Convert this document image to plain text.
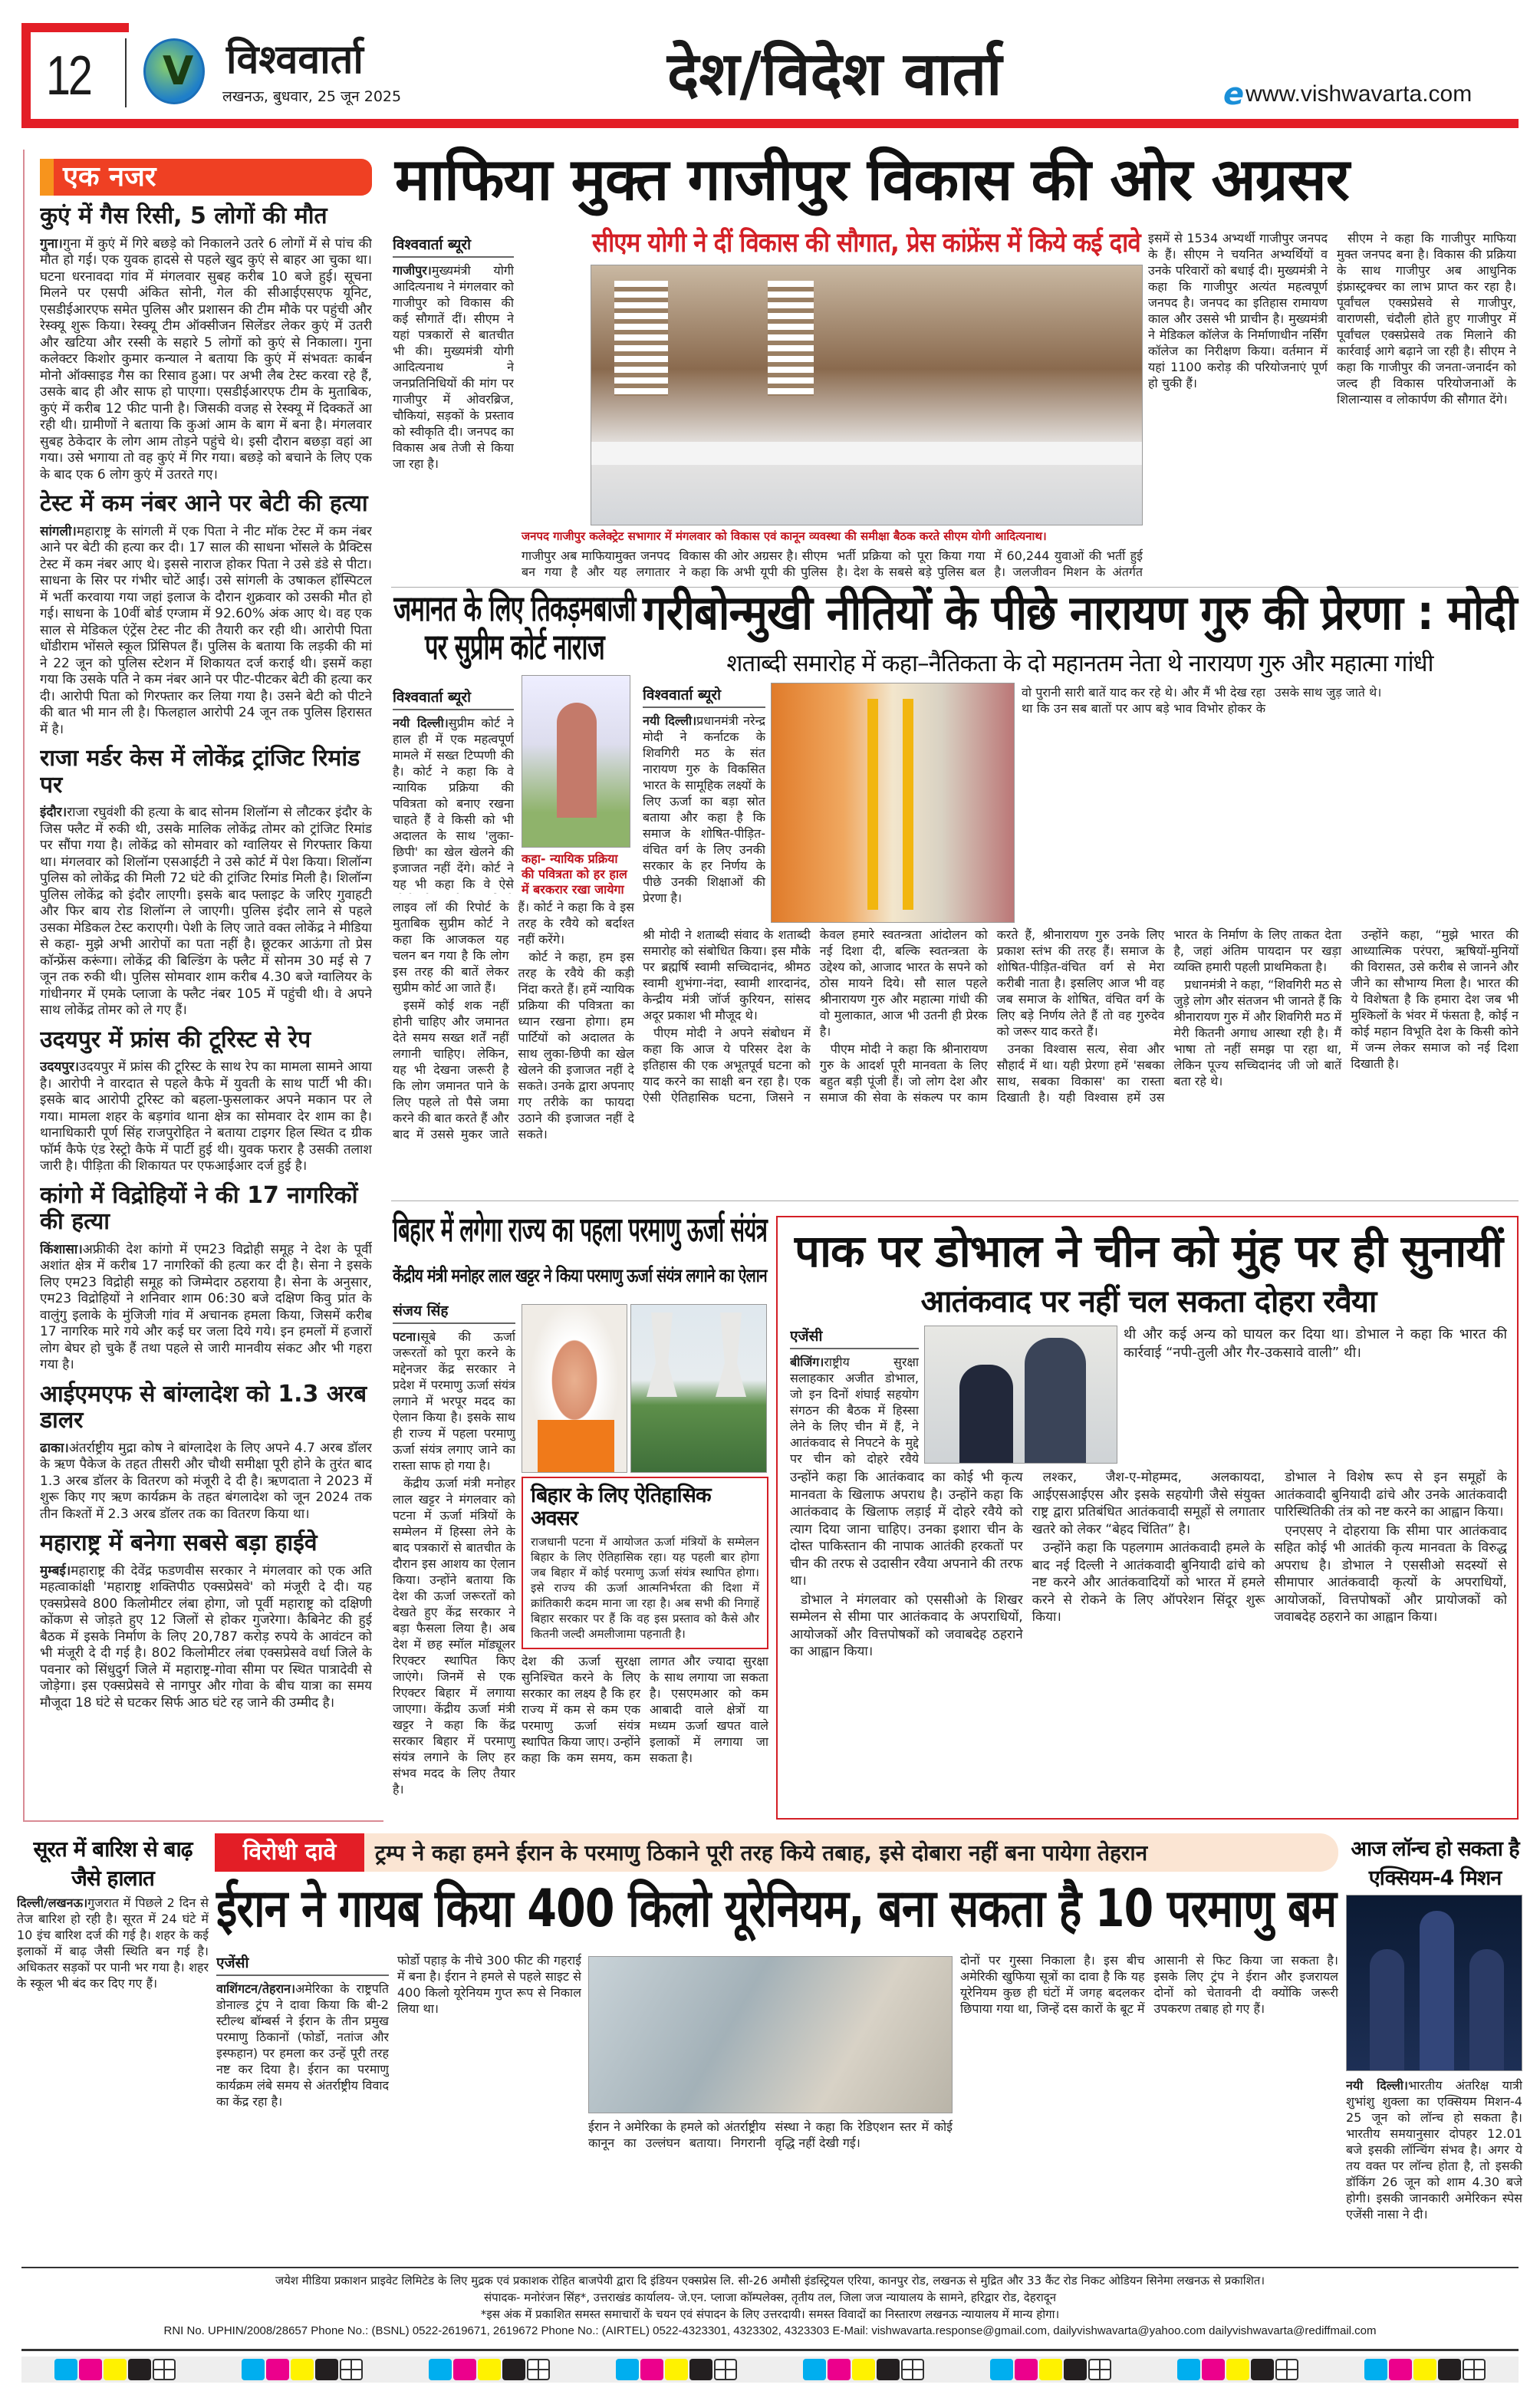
12 V विश्ववार्ता
लखनऊ, बुधवार, 25 जून 2025	देश/विदेश वार्ता	e www.vishwavarta.com
एक नजर
कुएं में गैस रिसी, 5 लोगों की मौत

गुना।गुना में कुएं में गिरे बछड़े को निकालने उतरे 6 लोगों में से पांच की मौत हो गई। एक युवक हादसे से पहले खुद कुएं से बाहर आ चुका था। घटना धरनावदा गांव में मंगलवार सुबह करीब 10 बजे हुई। सूचना मिलने पर एसपी अंकित सोनी, गेल की सीआईएसएफ यूनिट, एसडीईआरएफ समेत पुलिस और प्रशासन की टीम मौके पर पहुंची और रेस्क्यू शुरू किया। रेस्क्यू टीम ऑक्सीजन सिलेंडर लेकर कुएं में उतरी और खटिया और रस्सी के सहारे 5 लोगों को कुएं से निकाला। गुना कलेक्टर किशोर कुमार कन्याल ने बताया कि कुएं में संभवतः कार्बन मोनो ऑक्साइड गैस का रिसाव हुआ। पर अभी लैब टेस्ट करवा रहे हैं, उसके बाद ही और साफ हो पाएगा। एसडीईआरएफ टीम के मुताबिक, कुएं में करीब 12 फीट पानी है। जिसकी वजह से रेस्क्यू में दिक्कतें आ रही थी। ग्रामीणों ने बताया कि कुआं आम के बाग में बना है। मंगलवार सुबह ठेकेदार के लोग आम तोड़ने पहुंचे थे। इसी दौरान बछड़ा वहां आ गया। उसे भगाया तो वह कुएं में गिर गया। बछड़े को बचाने के लिए एक के बाद एक 6 लोग कुएं में उतरते गए।

टेस्ट में कम नंबर आने पर बेटी की हत्या

सांगली।महाराष्ट्र के सांगली में एक पिता ने नीट मॉक टेस्ट में कम नंबर आने पर बेटी की हत्या कर दी। 17 साल की साधना भोंसले के प्रैक्टिस टेस्ट में कम नंबर आए थे। इससे नाराज होकर पिता ने उसे डंडे से पीटा। साधना के सिर पर गंभीर चोटें आईं। उसे सांगली के उषाकल हॉस्पिटल में भर्ती करवाया गया जहां इलाज के दौरान शुक्रवार को उसकी मौत हो गई। साधना के 10वीं बोर्ड एग्जाम में 92.60% अंक आए थे। वह एक साल से मेडिकल एंट्रेंस टेस्ट नीट की तैयारी कर रही थी। आरोपी पिता धोंडीराम भोंसले स्कूल प्रिंसिपल हैं। पुलिस के बताया कि लड़की की मां ने 22 जून को पुलिस स्टेशन में शिकायत दर्ज कराई थी। इसमें कहा गया कि उसके पति ने कम नंबर आने पर पीट-पीटकर बेटी की हत्या कर दी। आरोपी पिता को गिरफ्तार कर लिया गया है। उसने बेटी को पीटने की बात भी मान ली है। फिलहाल आरोपी 24 जून तक पुलिस हिरासत में है।

राजा मर्डर केस में लोकेंद्र ट्रांजिट रिमांड पर

इंदौर।राजा रघुवंशी की हत्या के बाद सोनम शिलॉन्ग से लौटकर इंदौर के जिस फ्लैट में रुकी थी, उसके मालिक लोकेंद्र तोमर को ट्रांजिट रिमांड पर सौंपा गया है। लोकेंद्र को सोमवार को ग्वालियर से गिरफ्तार किया था। मंगलवार को शिलॉन्ग एसआईटी ने उसे कोर्ट में पेश किया। शिलॉन्ग पुलिस को लोकेंद्र की मिली 72 घंटे की ट्रांजिट रिमांड मिली है। शिलॉन्ग पुलिस लोकेंद्र को इंदौर लाएगी। इसके बाद फ्लाइट के जरिए गुवाहटी और फिर बाय रोड शिलॉन्ग ले जाएगी। पुलिस इंदौर लाने से पहले उसका मेडिकल टेस्ट कराएगी। पेशी के लिए जाते वक्त लोकेंद्र ने मीडिया से कहा- मुझे अभी आरोपों का पता नहीं है। छूटकर आऊंगा तो प्रेस कॉन्फ्रेंस करूंगा। लोकेंद्र की बिल्डिंग के फ्लैट में सोनम 30 मई से 7 जून तक रुकी थी। पुलिस सोमवार शाम करीब 4.30 बजे ग्वालियर के गांधीनगर में एमके प्लाजा के फ्लैट नंबर 105 में पहुंची थी। वे अपने साथ लोकेंद्र तोमर को ले गए हैं।

उदयपुर में फ्रांस की टूरिस्ट से रेप

उदयपुर।उदयपुर में फ्रांस की टूरिस्ट के साथ रेप का मामला सामने आया है। आरोपी ने वारदात से पहले कैफे में युवती के साथ पार्टी भी की। इसके बाद आरोपी टूरिस्ट को बहला-फुसलाकर अपने मकान पर ले गया। मामला शहर के बड़गांव थाना क्षेत्र का सोमवार देर शाम का है। थानाधिकारी पूर्ण सिंह राजपुरोहित ने बताया टाइगर हिल स्थित द ग्रीक फॉर्म कैफे एंड रेस्ट्रो कैफे में पार्टी हुई थी। युवक फरार है उसकी तलाश जारी है। पीड़िता की शिकायत पर एफआईआर दर्ज हुई है।

कांगो में विद्रोहियों ने की 17 नागरिकों की हत्या

किंशासा।अफ्रीकी देश कांगो में एम23 विद्रोही समूह ने देश के पूर्वी अशांत क्षेत्र में करीब 17 नागरिकों की हत्या कर दी है। सेना ने इसके लिए एम23 विद्रोही समूह को जिम्मेदार ठहराया है। सेना के अनुसार, एम23 विद्रोहियों ने शनिवार शाम 06:30 बजे दक्षिण किवु प्रांत के वालुंगु इलाके के मुंजिजी गांव में अचानक हमला किया, जिसमें करीब 17 नागरिक मारे गये और कई घर जला दिये गये। इन हमलों में हजारों लोग बेघर हो चुके हैं तथा पहले से जारी मानवीय संकट और भी गहरा गया है।

आईएमएफ से बांग्लादेश को 1.3 अरब डालर

ढाका।अंतर्राष्ट्रीय मुद्रा कोष ने बांग्लादेश के लिए अपने 4.7 अरब डॉलर के ऋण पैकेज के तहत तीसरी और चौथी समीक्षा पूरी होने के तुरंत बाद 1.3 अरब डॉलर के वितरण को मंजूरी दे दी है। ऋणदाता ने 2023 में शुरू किए गए ऋण कार्यक्रम के तहत बंगलादेश को जून 2024 तक तीन किश्तों में 2.3 अरब डॉलर तक का वितरण किया था।

महाराष्ट्र में बनेगा सबसे बड़ा हाईवे

मुम्बई।महाराष्ट्र की देवेंद्र फडणवीस सरकार ने मंगलवार को एक अति महत्वाकांक्षी 'महाराष्ट्र शक्तिपीठ एक्सप्रेसवे' को मंजूरी दे दी। यह एक्सप्रेसवे 800 किलोमीटर लंबा होगा, जो पूर्वी महाराष्ट्र को दक्षिणी कोंकण से जोड़ते हुए 12 जिलों से होकर गुजरेगा। कैबिनेट की हुई बैठक में इसके निर्माण के लिए 20,787 करोड़ रुपये के आवंटन को भी मंजूरी दे दी गई है। 802 किलोमीटर लंबा एक्सप्रेसवे वर्धा जिले के पवनार को सिंधुदुर्ग जिले में महाराष्ट्र-गोवा सीमा पर स्थित पात्रादेवी से जोड़ेगा। इस एक्सप्रेसवे से नागपुर और गोवा के बीच यात्रा का समय मौजूदा 18 घंटे से घटकर सिर्फ आठ घंटे रह जाने की उम्मीद है।

माफिया मुक्त गाजीपुर विकास की ओर अग्रसर
विश्ववार्ता ब्यूरो

गाजीपुर।मुख्यमंत्री योगी आदित्यनाथ ने मंगलवार को गाजीपुर को विकास की कई सौगातें दीं। सीएम ने यहां पत्रकारों से बातचीत भी की। मुख्यमंत्री योगी आदित्यनाथ ने जनप्रतिनिधियों की मांग पर गाजीपुर में ओवरब्रिज, चौकियां, सड़कों के प्रस्ताव को स्वीकृति दी। जनपद का विकास अब तेजी से किया जा रहा है।

सीएम योगी ने दीं विकास की सौगात, प्रेस कांफ्रेंस में किये कई दावे
जनपद गाजीपुर कलेक्ट्रेट सभागार में मंगलवार को विकास एवं कानून व्यवस्था की समीक्षा बैठक करते सीएम योगी आदित्यनाथ।

गाजीपुर अब माफियामुक्त जनपद बन गया है और यह लगातार विकास की ओर अग्रसर है। सीएम ने कहा कि अभी यूपी की पुलिस भर्ती प्रक्रिया को पूरा किया गया है। देश के सबसे बड़े पुलिस बल में 60,244 युवाओं की भर्ती हुई है। जलजीवन मिशन के अंतर्गत

इसमें से 1534 अभ्यर्थी गाजीपुर जनपद के हैं। सीएम ने चयनित अभ्यर्थियों व उनके परिवारों को बधाई दी। मुख्यमंत्री ने कहा कि गाजीपुर अत्यंत महत्वपूर्ण जनपद है। जनपद का इतिहास रामायण काल और उससे भी प्राचीन है। मुख्यमंत्री ने मेडिकल कॉलेज के निर्माणाधीन नर्सिंग कॉलेज का निरीक्षण किया। वर्तमान में यहां 1100 करोड़ की परियोजनाएं पूर्ण हो चुकी हैं।

सीएम ने कहा कि गाजीपुर माफिया मुक्त जनपद बना है। विकास की प्रक्रिया के साथ गाजीपुर अब आधुनिक इंफ्रास्ट्रक्चर का लाभ प्राप्त कर रहा है। पूर्वांचल एक्सप्रेसवे से गाजीपुर, वाराणसी, चंदौली होते हुए गाजीपुर में पूर्वांचल एक्सप्रेसवे तक मिलाने की कार्रवाई आगे बढ़ाने जा रही है। सीएम ने कहा कि गाजीपुर की जनता-जनार्दन को जल्द ही विकास परियोजनाओं के शिलान्यास व लोकार्पण की सौगात देंगे।

जमानत के लिए तिकड़मबाजी पर सुप्रीम कोर्ट नाराज
विश्ववार्ता ब्यूरो

नयी दिल्ली।सुप्रीम कोर्ट ने हाल ही में एक महत्वपूर्ण मामले में सख्त टिप्पणी की है। कोर्ट ने कहा कि वे न्यायिक प्रक्रिया की पवित्रता को बनाए रखना चाहते हैं वे किसी को भी अदालत के साथ 'लुका-छिपी' का खेल खेलने की इजाजत नहीं देंगे। कोर्ट ने यह भी कहा कि वे ऐसे

कहा- न्यायिक प्रक्रिया की पवित्रता को हर हाल में बरकरार रखा जायेगा

लाइव लॉ की रिपोर्ट के मुताबिक सुप्रीम कोर्ट ने कहा कि आजकल यह चलन बन गया है कि लोग इस तरह की बातें लेकर सुप्रीम कोर्ट आ जाते हैं।

इसमें कोई शक नहीं होनी चाहिए और जमानत देते समय सख्त शर्तें नहीं लगानी चाहिए। लेकिन, यह भी देखना जरूरी है कि लोग जमानत पाने के लिए पहले तो पैसे जमा करने की बात करते हैं और बाद में उससे मुकर जाते हैं। कोर्ट ने कहा कि वे इस तरह के रवैये को बर्दाश्त नहीं करेंगे।

कोर्ट ने कहा, हम इस तरह के रवैये की कड़ी निंदा करते हैं। हमें न्यायिक प्रक्रिया की पवित्रता का ध्यान रखना होगा। हम पार्टियों को अदालत के साथ लुका-छिपी का खेल खेलने की इजाजत नहीं दे सकते। उनके द्वारा अपनाए गए तरीके का फायदा उठाने की इजाजत नहीं दे सकते।

गरीबोन्मुखी नीतियों के पीछे नारायण गुरु की प्रेरणा : मोदी
शताब्दी समारोह में कहा–नैतिकता के दो महानतम नेता थे नारायण गुरु और महात्मा गांधी
विश्ववार्ता ब्यूरो

नयी दिल्ली।प्रधानमंत्री नरेन्द्र मोदी ने कर्नाटक के शिवगिरी मठ के संत नारायण गुरु के विकसित भारत के सामूहिक लक्ष्यों के लिए ऊर्जा का बड़ा स्रोत बताया और कहा है कि समाज के शोषित-पीड़ित-वंचित वर्ग के लिए उनकी सरकार के हर निर्णय के पीछे उनकी शिक्षाओं की प्रेरणा है।

वो पुरानी सारी बातें याद कर रहे थे। और मैं भी देख रहा था कि उन सब बातों पर आप बड़े भाव विभोर होकर के उसके साथ जुड़ जाते थे।

श्री मोदी ने शताब्दी संवाद के शताब्दी समारोह को संबोधित किया। इस मौके पर ब्रह्मर्षि स्वामी सच्चिदानंद, श्रीमठ स्वामी शुभंगा-नंदा, स्वामी शारदानंद, केन्द्रीय मंत्री जॉर्ज कुरियन, सांसद अदूर प्रकाश भी मौजूद थे।

पीएम मोदी ने अपने संबोधन में कहा कि आज ये परिसर देश के इतिहास की एक अभूतपूर्व घटना को याद करने का साक्षी बन रहा है। एक ऐसी ऐतिहासिक घटना, जिसने न केवल हमारे स्वतन्त्रता आंदोलन को नई दिशा दी, बल्कि स्वतन्त्रता के उद्देश्य को, आजाद भारत के सपने को ठोस मायने दिये। सौ साल पहले श्रीनारायण गुरु और महात्मा गांधी की वो मुलाकात, आज भी उतनी ही प्रेरक है।

पीएम मोदी ने कहा कि श्रीनारायण गुरु के आदर्श पूरी मानवता के लिए बहुत बड़ी पूंजी हैं। जो लोग देश और समाज की सेवा के संकल्प पर काम करते हैं, श्रीनारायण गुरु उनके लिए प्रकाश स्तंभ की तरह हैं। समाज के शोषित-पीड़ित-वंचित वर्ग से मेरा करीबी नाता है। इसलिए आज भी वह जब समाज के शोषित, वंचित वर्ग के लिए बड़े निर्णय लेते हैं तो वह गुरुदेव को जरूर याद करते हैं।

उनका विश्वास सत्य, सेवा और सौहार्द में था। यही प्रेरणा हमें 'सबका साथ, सबका विकास' का रास्ता दिखाती है। यही विश्वास हमें उस भारत के निर्माण के लिए ताकत देता है, जहां अंतिम पायदान पर खड़ा व्यक्ति हमारी पहली प्राथमिकता है।

प्रधानमंत्री ने कहा, “शिवगिरी मठ से जुड़े लोग और संतजन भी जानते हैं कि श्रीनारायण गुरु में और शिवगिरी मठ में मेरी कितनी अगाध आस्था रही है। मैं भाषा तो नहीं समझ पा रहा था, लेकिन पूज्य सच्चिदानंद जी जो बातें बता रहे थे।

उन्होंने कहा, “मुझे भारत की आध्यात्मिक परंपरा, ऋषियों-मुनियों की विरासत, उसे करीब से जानने और जीने का सौभाग्य मिला है। भारत की ये विशेषता है कि हमारा देश जब भी मुश्किलों के भंवर में फंसता है, कोई न कोई महान विभूति देश के किसी कोने में जन्म लेकर समाज को नई दिशा दिखाती है।

बिहार में लगेगा राज्य का पहला परमाणु ऊर्जा संयंत्र
केंद्रीय मंत्री मनोहर लाल खट्टर ने किया परमाणु ऊर्जा संयंत्र लगाने का ऐलान
संजय सिंह

पटना।सूबे की ऊर्जा जरूरतों को पूरा करने के मद्देनजर केंद्र सरकार ने प्रदेश में परमाणु ऊर्जा संयंत्र लगाने में भरपूर मदद का ऐलान किया है। इसके साथ ही राज्य में पहला परमाणु ऊर्जा संयंत्र लगाए जाने का रास्ता साफ हो गया है।

केंद्रीय ऊर्जा मंत्री मनोहर लाल खट्टर ने मंगलवार को पटना में ऊर्जा मंत्रियों के सम्मेलन में हिस्सा लेने के बाद पत्रकारों से बातचीत के दौरान इस आशय का ऐलान किया। उन्होंने बताया कि देश की ऊर्जा जरूरतों को देखते हुए केंद्र सरकार ने बड़ा फैसला लिया है। अब देश में छह स्मॉल मॉड्यूलर रिएक्टर स्थापित किए जाएंगे। जिनमें से एक रिएक्टर बिहार में लगाया जाएगा। केंद्रीय ऊर्जा मंत्री खट्टर ने कहा कि केंद्र सरकार बिहार में परमाणु संयंत्र लगाने के लिए हर संभव मदद के लिए तैयार है।

बिहार के लिए ऐतिहासिक अवसर
राजधानी पटना में आयोजत ऊर्जा मंत्रियों के सम्मेलन बिहार के लिए ऐतिहासिक रहा। यह पहली बार होगा जब बिहार में कोई परमाणु ऊर्जा संयंत्र स्थापित होगा। इसे राज्य की ऊर्जा आत्मनिर्भरता की दिशा में क्रांतिकारी कदम माना जा रहा है। अब सभी की निगाहें बिहार सरकार पर हैं कि वह इस प्रस्ताव को कैसे और कितनी जल्दी अमलीजामा पहनाती है।

देश की ऊर्जा सुरक्षा सुनिश्चित करने के लिए सरकार का लक्ष्य है कि हर राज्य में कम से कम एक परमाणु ऊर्जा संयंत्र स्थापित किया जाए। उन्होंने कहा कि कम समय, कम लागत और ज्यादा सुरक्षा के साथ लगाया जा सकता है। एसएमआर को कम आबादी वाले क्षेत्रों या मध्यम ऊर्जा खपत वाले इलाकों में लगाया जा सकता है।

पाक पर डोभाल ने चीन को मुंह पर ही सुनायीं
आतंकवाद पर नहीं चल सकता दोहरा रवैया
एजेंसी

बीजिंग।राष्ट्रीय सुरक्षा सलाहकार अजीत डोभाल, जो इन दिनों शंघाई सहयोग संगठन की बैठक में हिस्सा लेने के लिए चीन में हैं, ने आतंकवाद से निपटने के मुद्दे पर चीन को दोहरे रवैये

थी और कई अन्य को घायल कर दिया था। डोभाल ने कहा कि भारत की कार्रवाई “नपी-तुली और गैर-उकसावे वाली” थी।

उन्होंने कहा कि आतंकवाद का कोई भी कृत्य मानवता के खिलाफ अपराध है। उन्होंने कहा कि आतंकवाद के खिलाफ लड़ाई में दोहरे रवैये को त्याग दिया जाना चाहिए। उनका इशारा चीन के दोस्त पाकिस्तान की नापाक आतंकी हरकतों पर चीन की तरफ से उदासीन रवैया अपनाने की तरफ था।

डोभाल ने मंगलवार को एससीओ के शिखर सम्मेलन से सीमा पार आतंकवाद के अपराधियों, आयोजकों और वित्तपोषकों को जवाबदेह ठहराने का आह्वान किया।

लश्कर, जैश-ए-मोहम्मद, अलकायदा, आईएसआईएस और इसके सहयोगी जैसे संयुक्त राष्ट्र द्वारा प्रतिबंधित आतंकवादी समूहों से लगातार खतरे को लेकर “बेहद चिंतित” है।

उन्होंने कहा कि पहलगाम आतंकवादी हमले के बाद नई दिल्ली ने आतंकवादी बुनियादी ढांचे को नष्ट करने और आतंकवादियों को भारत में हमले करने से रोकने के लिए ऑपरेशन सिंदूर शुरू किया।

डोभाल ने विशेष रूप से इन समूहों के आतंकवादी बुनियादी ढांचे और उनके आतंकवादी पारिस्थितिकी तंत्र को नष्ट करने का आह्वान किया।

एनएसए ने दोहराया कि सीमा पार आतंकवाद सहित कोई भी आतंकी कृत्य मानवता के विरुद्ध अपराध है। डोभाल ने एससीओ सदस्यों से सीमापार आतंकवादी कृत्यों के अपराधियों, आयोजकों, वित्तपोषकों और प्रायोजकों को जवाबदेह ठहराने का आह्वान किया।

सूरत में बारिश से बाढ़ जैसे हालात

दिल्ली/लखनऊ।गुजरात में पिछले 2 दिन से तेज बारिश हो रही है। सूरत में 24 घंटे में 10 इंच बारिश दर्ज की गई है। शहर के कई इलाकों में बाढ़ जैसी स्थिति बन गई है। अधिकतर सड़कों पर पानी भर गया है। शहर के स्कूल भी बंद कर दिए गए हैं।

विरोधी दावे	ट्रम्प ने कहा हमने ईरान के परमाणु ठिकाने पूरी तरह किये तबाह, इसे दोबारा नहीं बना पायेगा तेहरान
ईरान ने गायब किया 400 किलो यूरेनियम, बना सकता है 10 परमाणु बम
एजेंसी

वाशिंगटन/तेहरान।अमेरिका के राष्ट्रपति डोनाल्ड ट्रंप ने दावा किया कि बी-2 स्टील्थ बॉम्बर्स ने ईरान के तीन प्रमुख परमाणु ठिकानों (फोर्डो, नतांज और इस्फहान) पर हमला कर उन्हें पूरी तरह नष्ट कर दिया है। ईरान का परमाणु कार्यक्रम लंबे समय से अंतर्राष्ट्रीय विवाद का केंद्र रहा है।

फोर्डो पहाड़ के नीचे 300 फीट की गहराई में बना है। ईरान ने हमले से पहले साइट से 400 किलो यूरेनियम गुप्त रूप से निकाल लिया था।

ईरान ने अमेरिका के हमले को अंतर्राष्ट्रीय कानून का उल्लंघन बताया। निगरानी संस्था ने कहा कि रेडिएशन स्तर में कोई वृद्धि नहीं देखी गई।

दोनों पर गुस्सा निकाला है। इस बीच अमेरिकी खुफिया सूत्रों का दावा है कि यह यूरेनियम कुछ ही घंटों में जगह बदलकर छिपाया गया था, जिन्हें दस कारों के बूट में आसानी से फिट किया जा सकता है। इसके लिए ट्रंप ने ईरान और इजरायल दोनों को चेतावनी दी क्योंकि जरूरी उपकरण तबाह हो गए हैं।

आज लॉन्च हो सकता है एक्सियम-4 मिशन

नयी दिल्ली।भारतीय अंतरिक्ष यात्री शुभांशु शुक्ला का एक्सियम मिशन-4 25 जून को लॉन्च हो सकता है। भारतीय समयानुसार दोपहर 12.01 बजे इसकी लॉन्चिंग संभव है। अगर ये तय वक्त पर लॉन्च होता है, तो इसकी डॉकिंग 26 जून को शाम 4.30 बजे होगी। इसकी जानकारी अमेरिकन स्पेस एजेंसी नासा ने दी।

जयेश मीडिया प्रकाशन प्राइवेट लिमिटेड के लिए मुद्रक एवं प्रकाशक रोहित बाजपेयी द्वारा दि इंडियन एक्सप्रेस लि. सी-26 अमौसी इंडस्ट्रियल एरिया, कानपुर रोड, लखनऊ से मुद्रित और 33 कैंट रोड निकट ओडियन सिनेमा लखनऊ से प्रकाशित।
संपादक- मनोरंजन सिंह*, उत्तराखंड कार्यालय- जे.एन. प्लाजा कॉम्पलेक्स, तृतीय तल, जिला जज न्यायालय के सामने, हरिद्वार रोड, देहरादून
*इस अंक में प्रकाशित समस्त समाचारों के चयन एवं संपादन के लिए उत्तरदायी। समस्त विवादों का निस्तारण लखनऊ न्यायालय में मान्य होगा।
RNI No. UPHIN/2008/28657 Phone No.: (BSNL) 0522-2619671, 2619672 Phone No.: (AIRTEL) 0522-4323301, 4323302, 4323303 E-Mail: vishwavarta.response@gmail.com, dailyvishwavarta@yahoo.com dailyvishwavarta@rediffmail.com
